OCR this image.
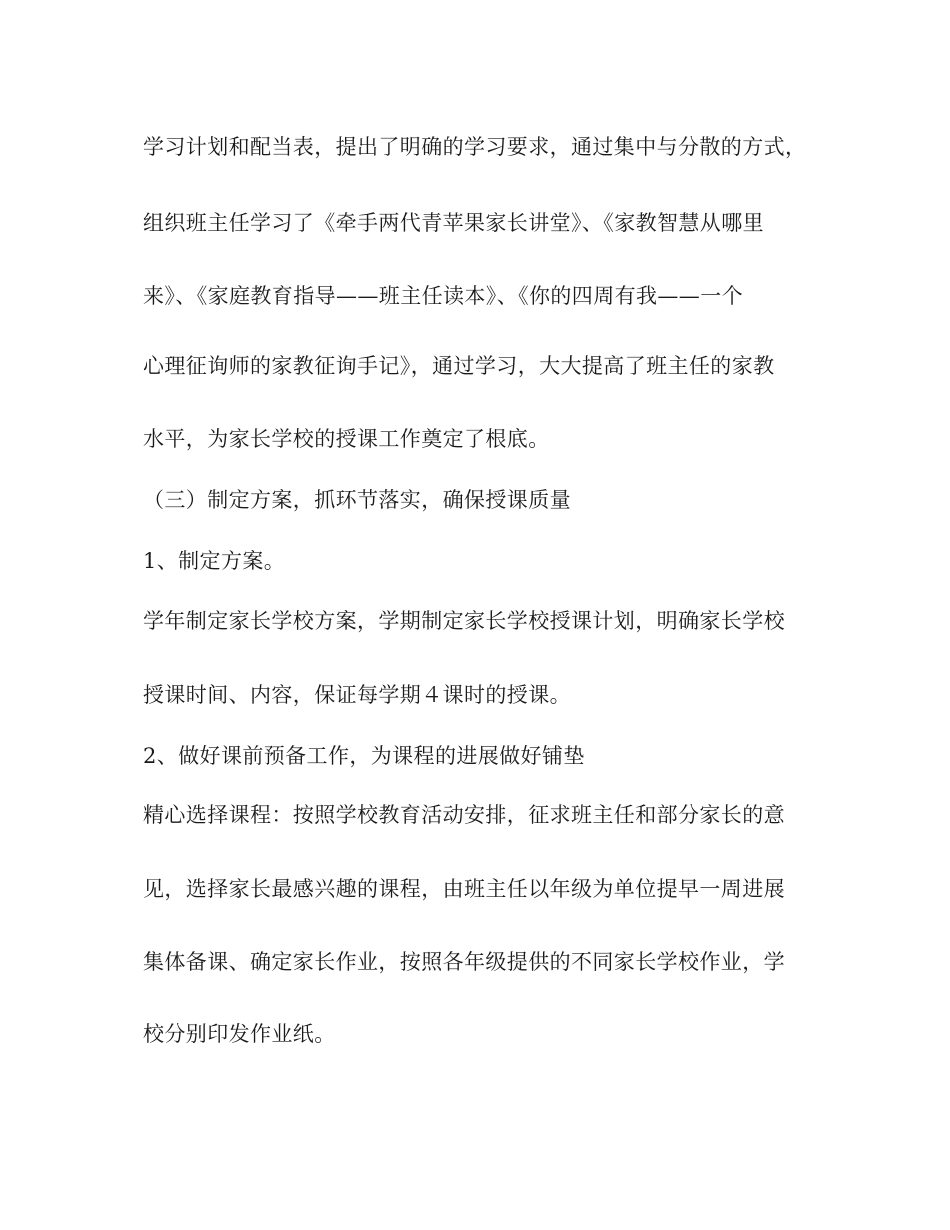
学习计划和配当表，提出了明确的学习要求，通过集中与分散的方式，
组织班主任学习了《牵手两代青苹果家长讲堂》、《家教智慧从哪里
来》、《家庭教育指导——班主任读本》、《你的四周有我——一个
心理征询师的家教征询手记》，通过学习，大大提高了班主任的家教
水平，为家长学校的授课工作奠定了根底。
（三）制定方案，抓环节落实，确保授课质量
1、制定方案。
学年制定家长学校方案，学期制定家长学校授课计划，明确家长学校
授课时间、内容，保证每学期４课时的授课。
2、做好课前预备工作，为课程的进展做好铺垫
精心选择课程：按照学校教育活动安排，征求班主任和部分家长的意
见，选择家长最感兴趣的课程，由班主任以年级为单位提早一周进展
集体备课、确定家长作业，按照各年级提供的不同家长学校作业，学
校分别印发作业纸。
